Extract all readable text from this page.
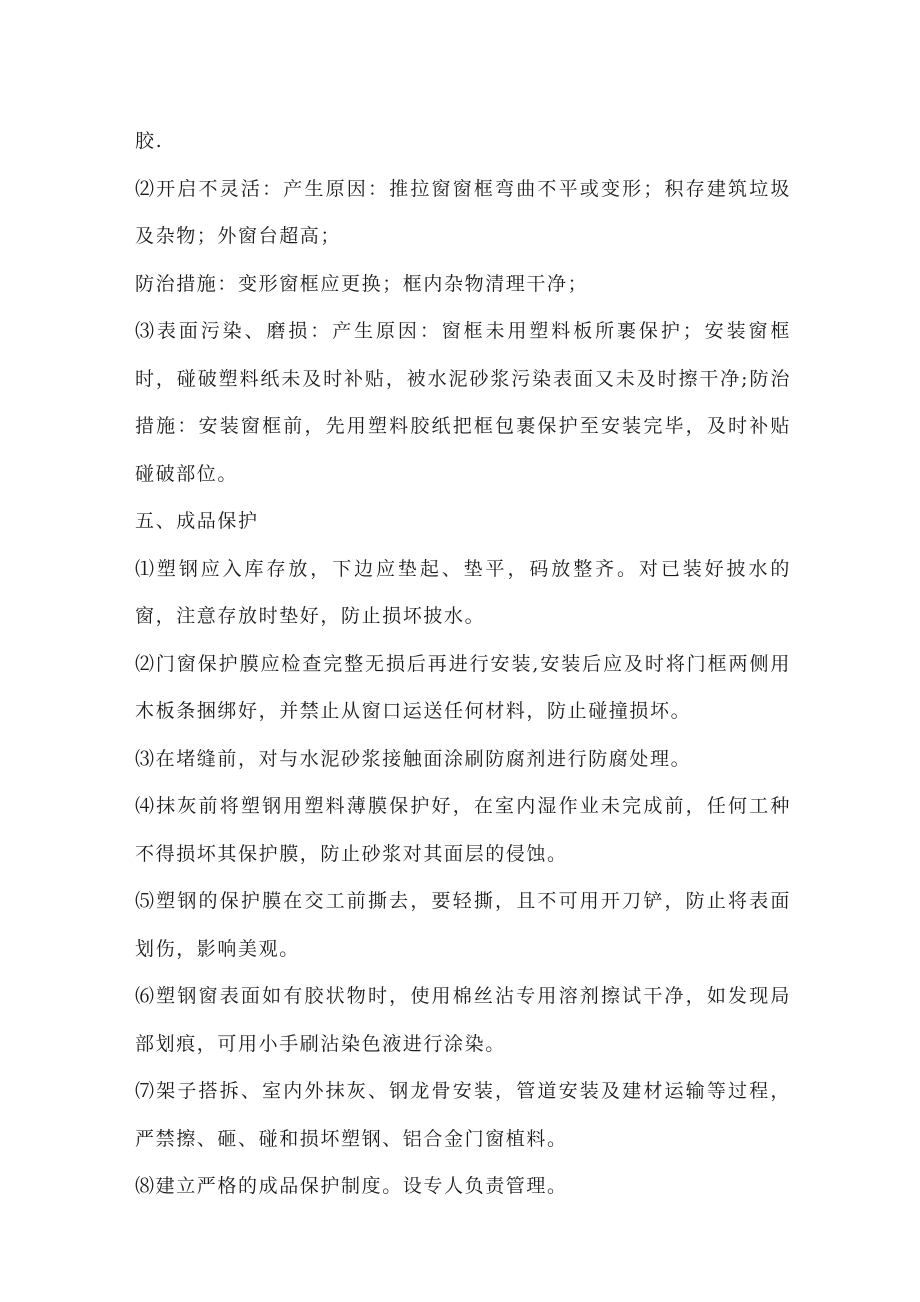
胶.

⑵开启不灵活：产生原因：推拉窗窗框弯曲不平或变形；积存建筑垃圾及杂物；外窗台超高；

防治措施：变形窗框应更换；框内杂物清理干净；

⑶表面污染、磨损：产生原因：窗框未用塑料板所裹保护；安装窗框时，碰破塑料纸未及时补贴，被水泥砂浆污染表面又未及时擦干净;防治措施：安装窗框前，先用塑料胶纸把框包裹保护至安装完毕，及时补贴碰破部位。

五、成品保护

⑴塑钢应入库存放，下边应垫起、垫平，码放整齐。对已装好披水的窗，注意存放时垫好，防止损坏披水。

⑵门窗保护膜应检查完整无损后再进行安装,安装后应及时将门框两侧用木板条捆绑好，并禁止从窗口运送任何材料，防止碰撞损坏。

⑶在堵缝前，对与水泥砂浆接触面涂刷防腐剂进行防腐处理。

⑷抹灰前将塑钢用塑料薄膜保护好，在室内湿作业未完成前，任何工种不得损坏其保护膜，防止砂浆对其面层的侵蚀。

⑸塑钢的保护膜在交工前撕去，要轻撕，且不可用开刀铲，防止将表面划伤，影响美观。

⑹塑钢窗表面如有胶状物时，使用棉丝沾专用溶剂擦试干净，如发现局部划痕，可用小手刷沾染色液进行涂染。

⑺架子搭拆、室内外抹灰、钢龙骨安装，管道安装及建材运输等过程，严禁擦、砸、碰和损坏塑钢、铝合金门窗植料。

⑻建立严格的成品保护制度。设专人负责管理。
